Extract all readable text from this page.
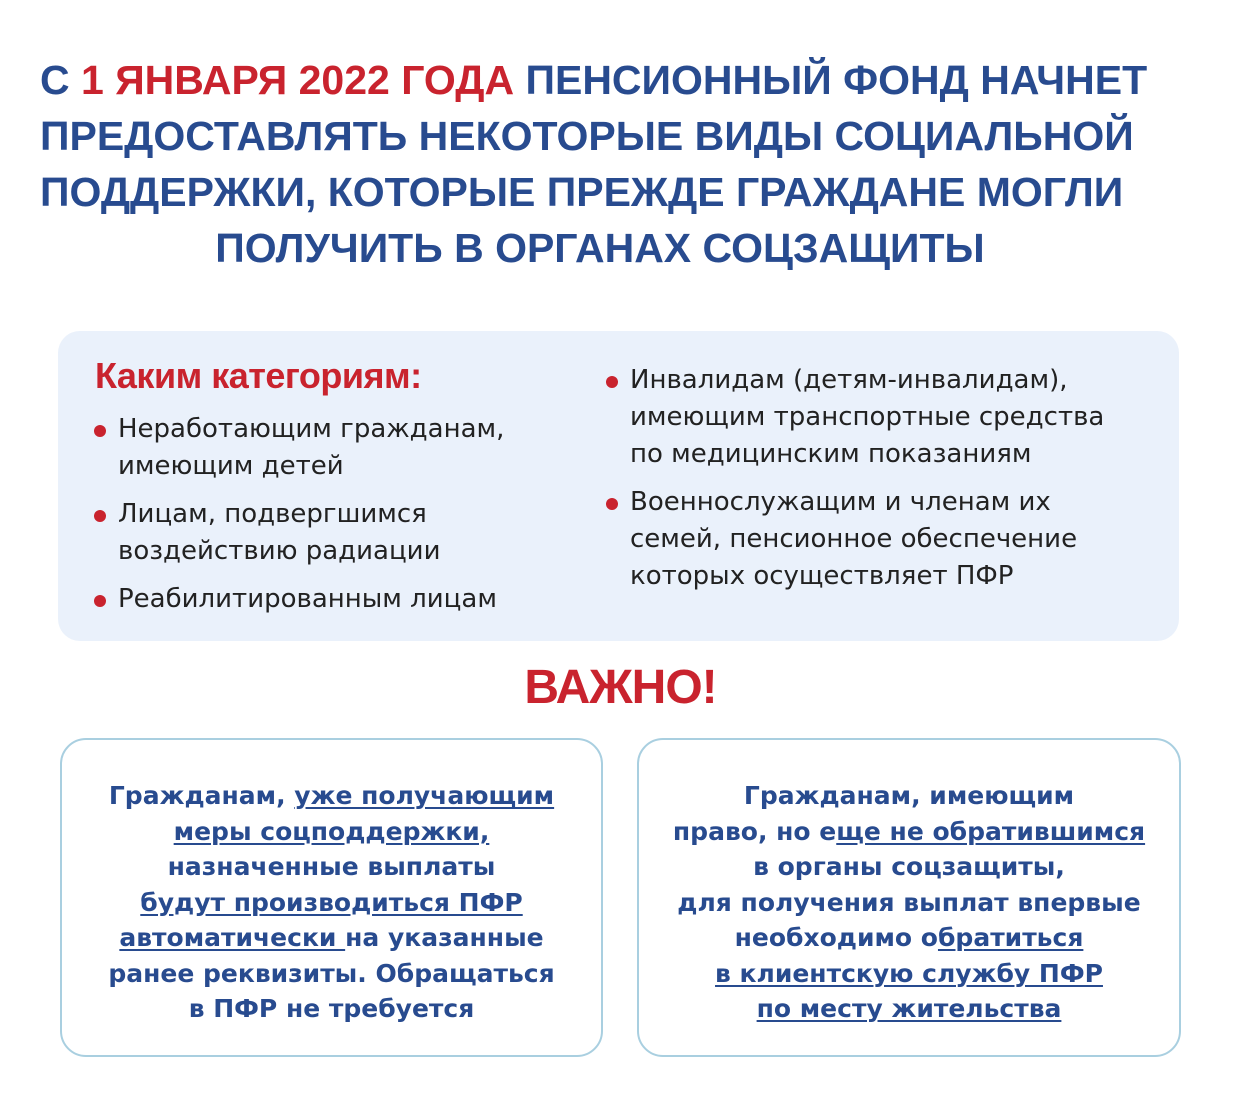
С 1 ЯНВАРЯ 2022 ГОДА ПЕНСИОННЫЙ ФОНД НАЧНЕТ
ПРЕДОСТАВЛЯТЬ НЕКОТОРЫЕ ВИДЫ СОЦИАЛЬНОЙ
ПОДДЕРЖКИ, КОТОРЫЕ ПРЕЖДЕ ГРАЖДАНЕ МОГЛИ
ПОЛУЧИТЬ В ОРГАНАХ СОЦЗАЩИТЫ
Каким категориям:
Неработающим гражданам,
имеющим детей
Лицам, подвергшимся
воздействию радиации
Реабилитированным лицам
Инвалидам (детям-инвалидам),
имеющим транспортные средства
по медицинским показаниям
Военнослужащим и членам их
семей, пенсионное обеспечение
которых осуществляет ПФР
ВАЖНО!
Гражданам, уже получающим
меры соцподдержки,
назначенные выплаты
будут производиться ПФР
автоматически на указанные
ранее реквизиты. Обращаться
в ПФР не требуется
Гражданам, имеющим
право, но еще не обратившимся
в органы соцзащиты,
для получения выплат впервые
необходимо обратиться
в клиентскую службу ПФР
по месту жительства
